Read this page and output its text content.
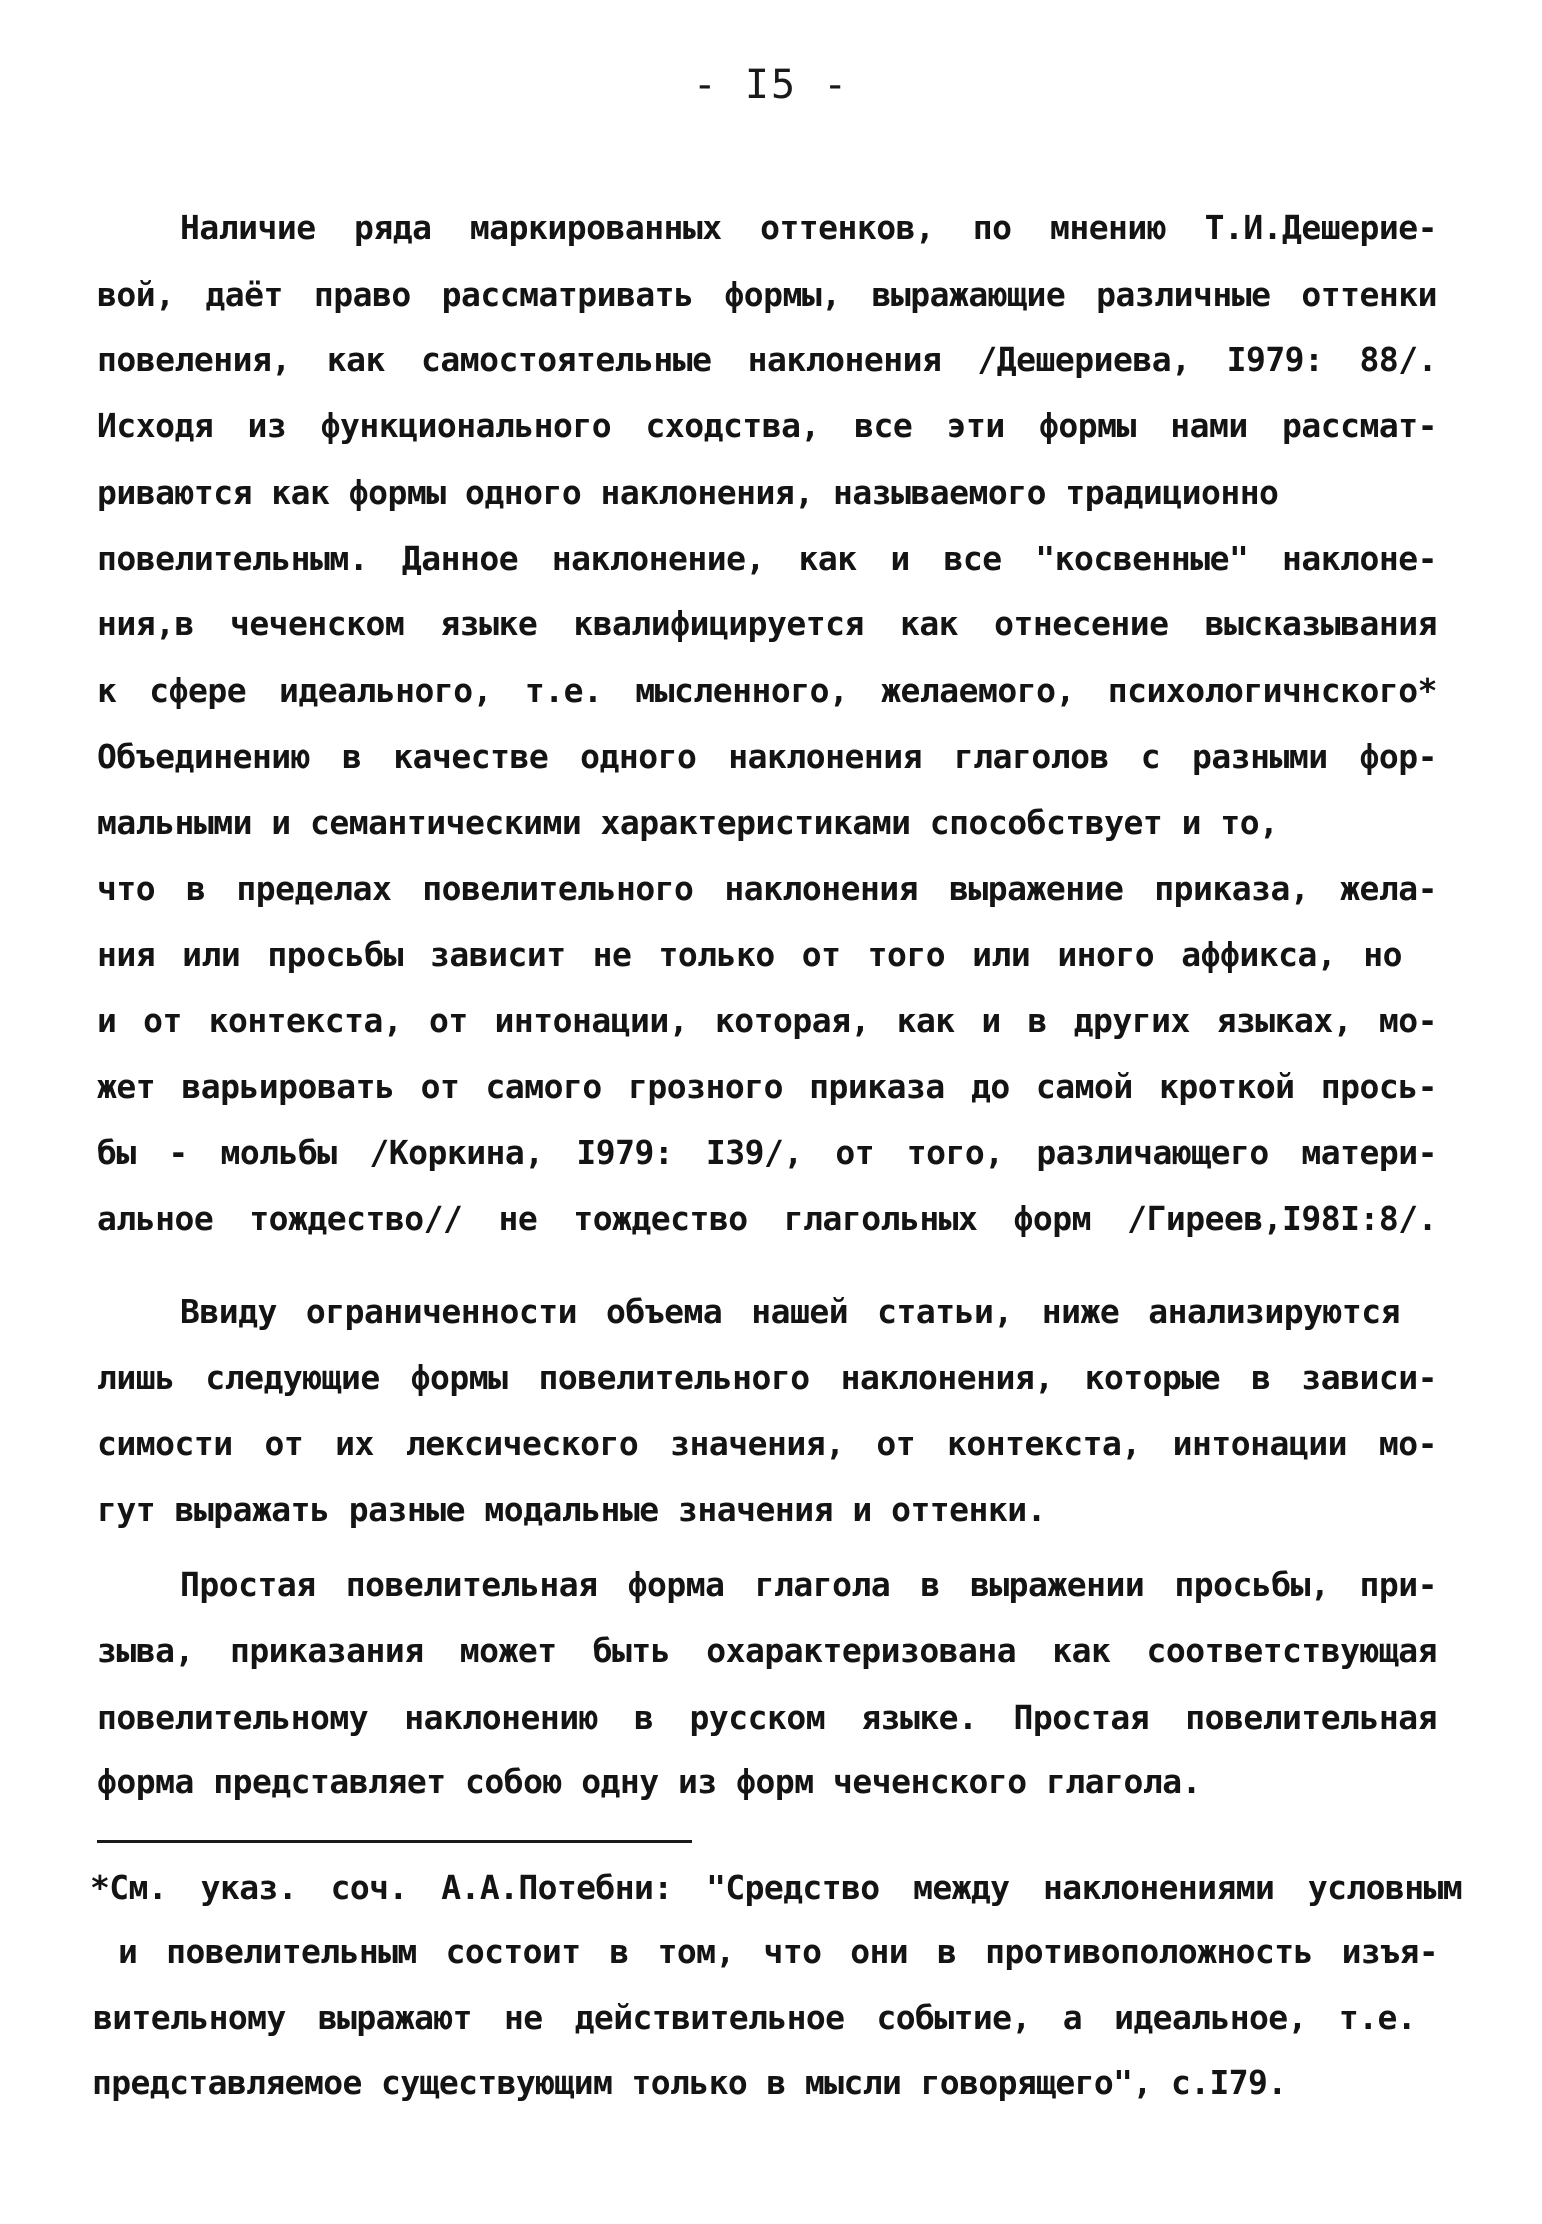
- I5 -
Наличие ряда маркированных оттенков, по мнению Т.И.Дешерие-
вой, даёт право рассматривать формы, выражающие различные оттенки
повеления, как самостоятельные наклонения /Дешериева, I979: 88/.
Исходя из функционального сходства, все эти формы нами рассмат-
риваются как формы одного наклонения, называемого традиционно
повелительным. Данное наклонение, как и все "косвенные" наклоне-
ния,в чеченском языке квалифицируется как отнесение высказывания
к сфере идеального, т.е. мысленного, желаемого, психологичнского*
Объединению в качестве одного наклонения глаголов с разными фор-
мальными и семантическими характеристиками способствует и то,
что в пределах повелительного наклонения выражение приказа, жела-
ния или просьбы зависит не только от того или иного аффикса, но
и от контекста, от интонации, которая, как и в других языках, мо-
жет варьировать от самого грозного приказа до самой кроткой прось-
бы - мольбы /Коркина, I979: I39/, от того, различающего матери-
альное тождество// не тождество глагольных форм /Гиреев,I98I:8/.
Ввиду ограниченности объема нашей статьи, ниже анализируются
лишь следующие формы повелительного наклонения, которые в зависи-
симости от их лексического значения, от контекста, интонации мо-
гут выражать разные модальные значения и оттенки.
Простая повелительная форма глагола в выражении просьбы, при-
зыва, приказания может быть охарактеризована как соответствующая
повелительному наклонению в русском языке. Простая повелительная
форма представляет собою одну из форм чеченского глагола.
*См. указ. соч. А.А.Потебни: "Средство между наклонениями условным
и повелительным состоит в том, что они в противоположность изъя-
вительному выражают не действительное событие, а идеальное, т.е.
представляемое существующим только в мысли говорящего", с.I79.
